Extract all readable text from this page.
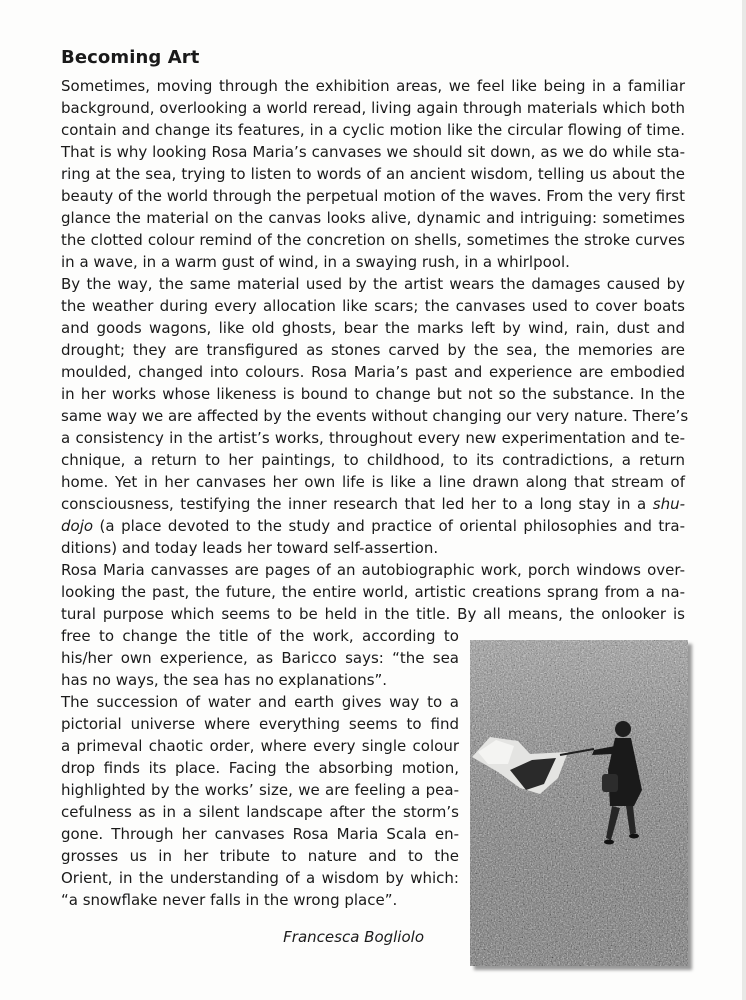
Becoming Art
Sometimes, moving through the exhibition areas, we feel like being in a familiar
background, overlooking a world reread, living again through materials which both
contain and change its features, in a cyclic motion like the circular flowing of time.
That is why looking Rosa Maria’s canvases we should sit down, as we do while sta-
ring at the sea, trying to listen to words of an ancient wisdom, telling us about the
beauty of the world through the perpetual motion of the waves. From the very first
glance the material on the canvas looks alive, dynamic and intriguing: sometimes
the clotted colour remind of the concretion on shells, sometimes the stroke curves
in a wave, in a warm gust of wind, in a swaying rush, in a whirlpool.
By the way, the same material used by the artist wears the damages caused by
the weather during every allocation like scars; the canvases used to cover boats
and goods wagons, like old ghosts, bear the marks left by wind, rain, dust and
drought; they are transfigured as stones carved by the sea, the memories are
moulded, changed into colours. Rosa Maria’s past and experience are embodied
in her works whose likeness is bound to change but not so the substance. In the
same way we are affected by the events without changing our very nature. There’s
a consistency in the artist’s works, throughout every new experimentation and te-
chnique, a return to her paintings, to childhood, to its contradictions, a return
home. Yet in her canvases her own life is like a line drawn along that stream of
consciousness, testifying the inner research that led her to a long stay in a shu-
dojo (a place devoted to the study and practice of oriental philosophies and tra-
ditions) and today leads her toward self-assertion.
Rosa Maria canvasses are pages of an autobiographic work, porch windows over-
looking the past, the future, the entire world, artistic creations sprang from a na-
tural purpose which seems to be held in the title. By all means, the onlooker is
free to change the title of the work, according to
his/her own experience, as Baricco says: “the sea
has no ways, the sea has no explanations”.
The succession of water and earth gives way to a
pictorial universe where everything seems to find
a primeval chaotic order, where every single colour
drop finds its place. Facing the absorbing motion,
highlighted by the works’ size, we are feeling a pea-
cefulness as in a silent landscape after the storm’s
gone. Through her canvases Rosa Maria Scala en-
grosses us in her tribute to nature and to the
Orient, in the understanding of a wisdom by which:
“a snowflake never falls in the wrong place”.
Francesca Bogliolo
